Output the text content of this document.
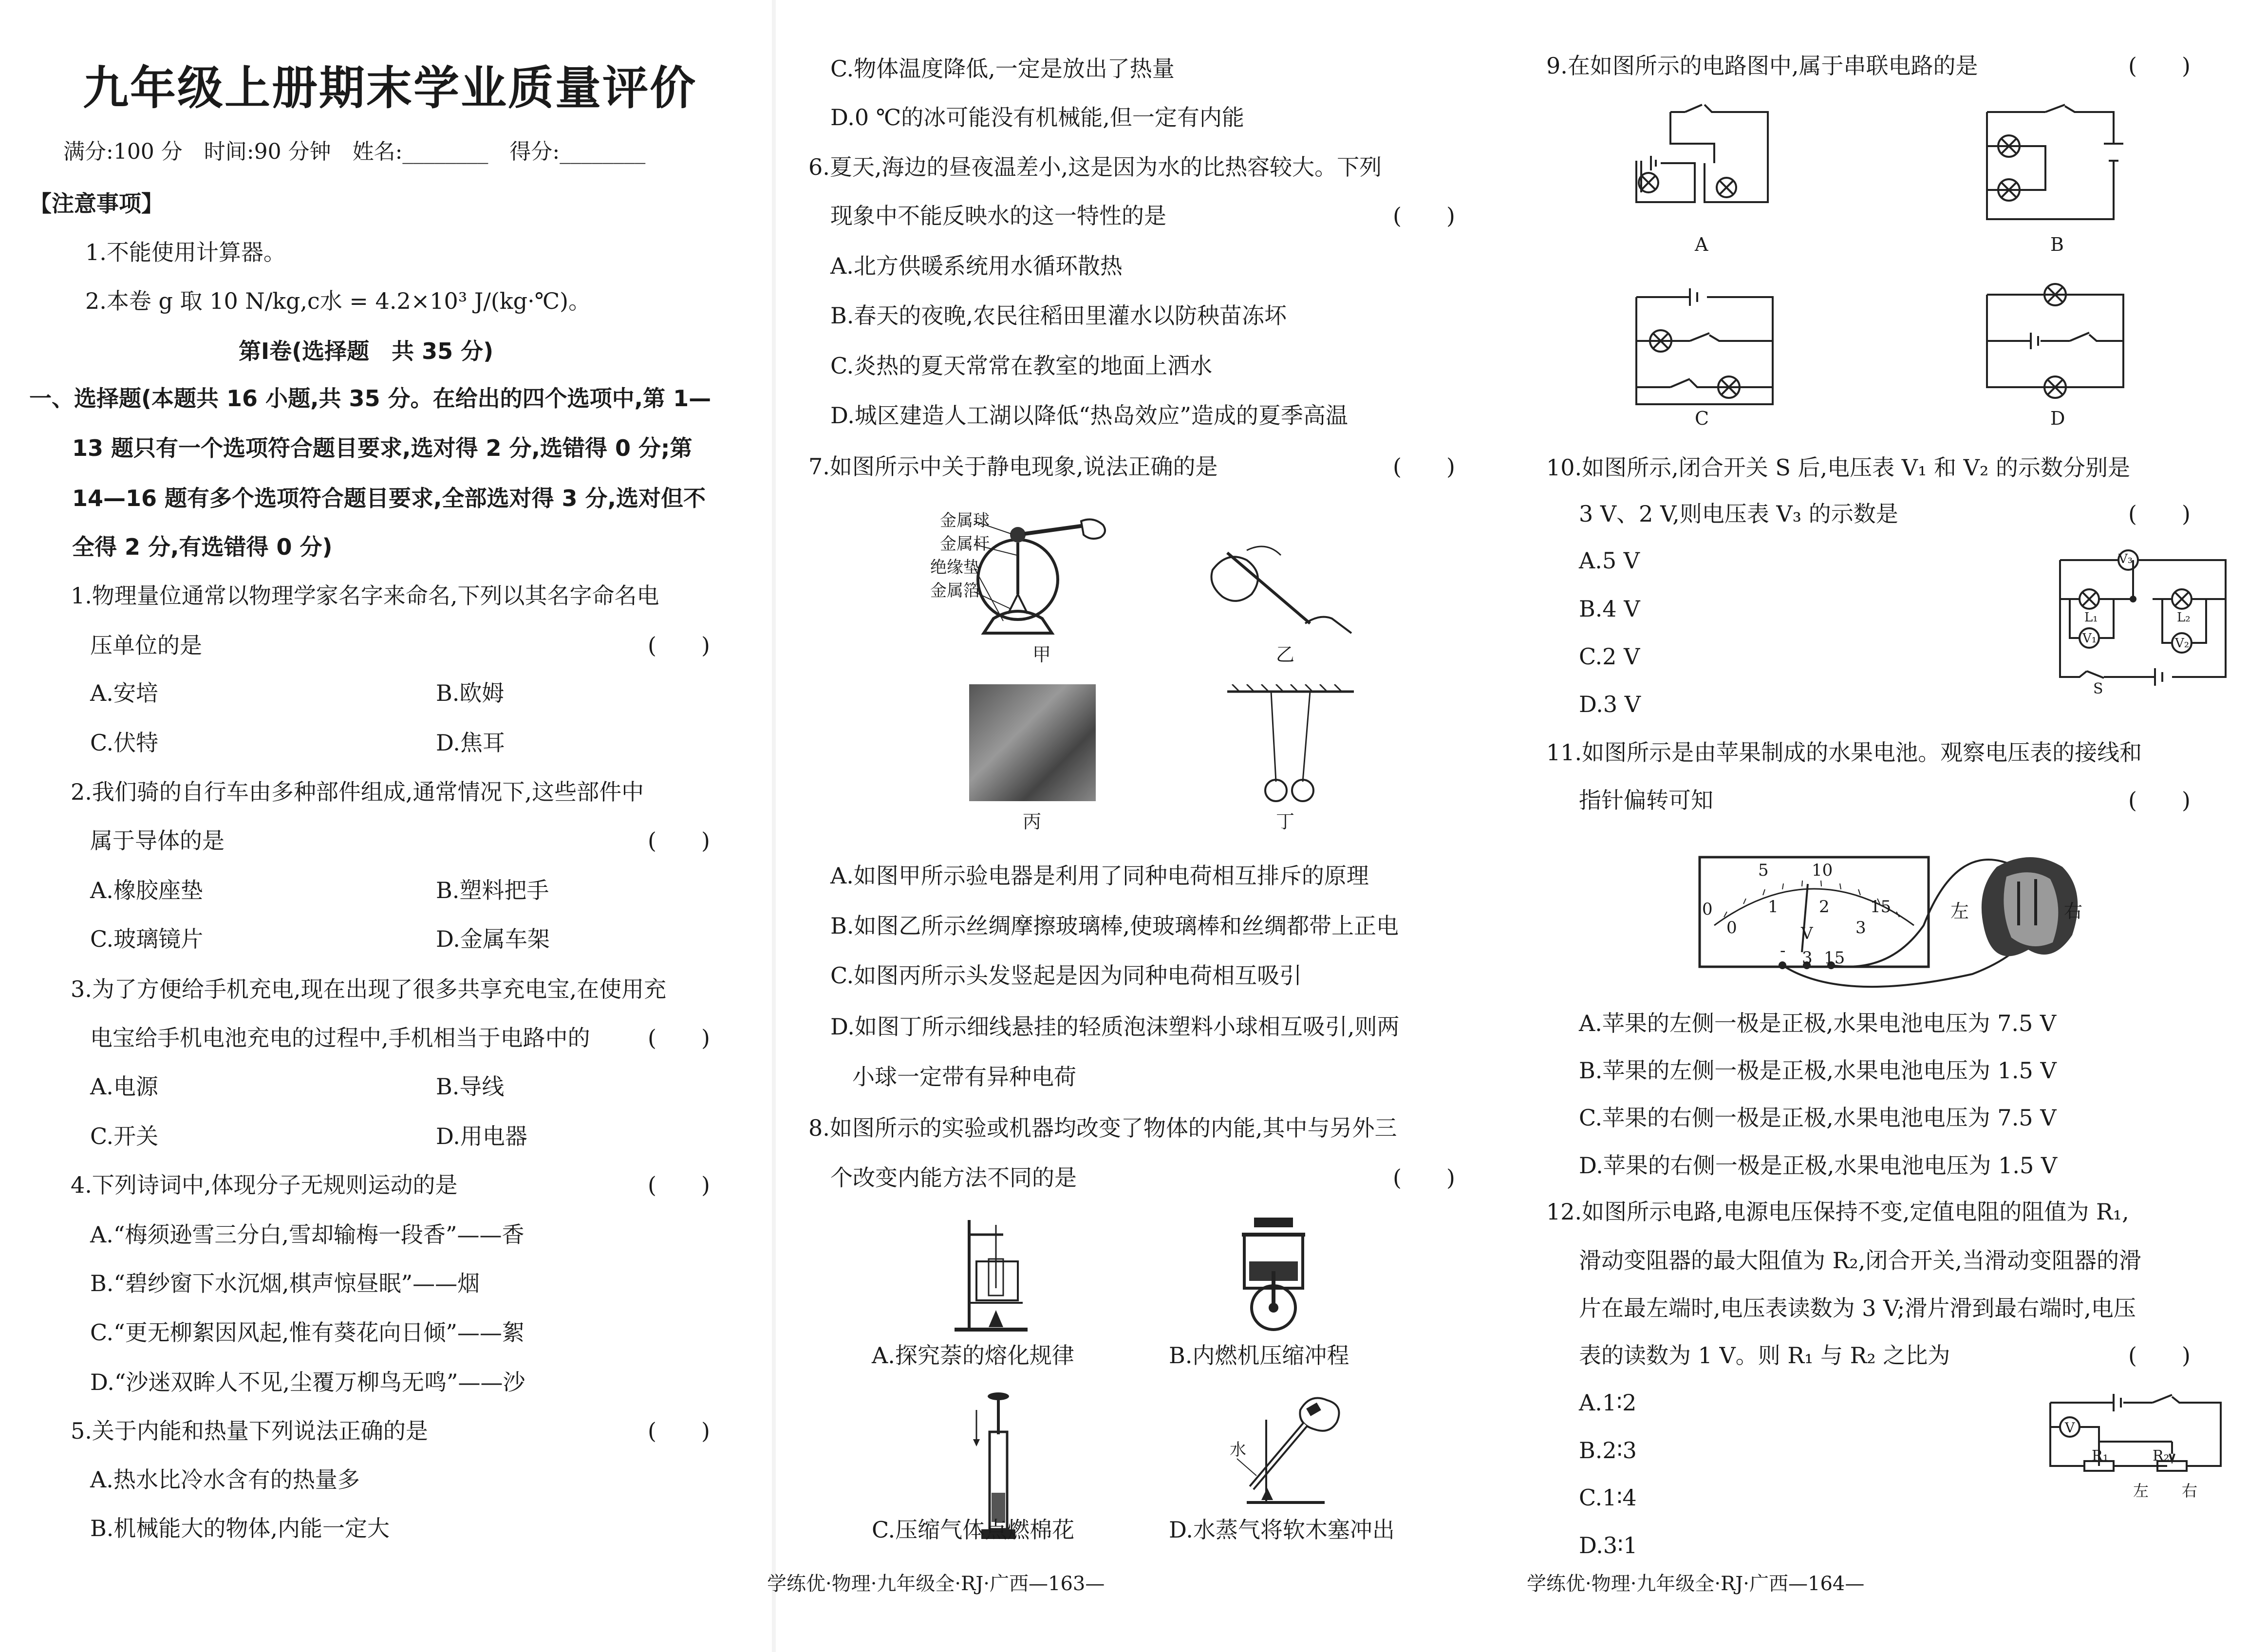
九年级上册期末学业质量评价
满分:100 分　时间:90 分钟　姓名:________　得分:________
【注意事项】
1.不能使用计算器。
2.本卷 g 取 10 N/kg,c水 = 4.2×10³ J/(kg·℃)。
第Ⅰ卷(选择题　共 35 分)
一、选择题(本题共 16 小题,共 35 分。在给出的四个选项中,第 1—
13 题只有一个选项符合题目要求,选对得 2 分,选错得 0 分;第
14—16 题有多个选项符合题目要求,全部选对得 3 分,选对但不
全得 2 分,有选错得 0 分)
1.物理量位通常以物理学家名字来命名,下列以其名字命名电
压单位的是	(　　)
A.安培	B.欧姆
C.伏特	D.焦耳
2.我们骑的自行车由多种部件组成,通常情况下,这些部件中
属于导体的是	(　　)
A.橡胶座垫	B.塑料把手
C.玻璃镜片	D.金属车架
3.为了方便给手机充电,现在出现了很多共享充电宝,在使用充
电宝给手机电池充电的过程中,手机相当于电路中的	(　　)
A.电源	B.导线
C.开关	D.用电器
4.下列诗词中,体现分子无规则运动的是	(　　)
A.“梅须逊雪三分白,雪却输梅一段香”——香
B.“碧纱窗下水沉烟,棋声惊昼眠”——烟
C.“更无柳絮因风起,惟有葵花向日倾”——絮
D.“沙迷双眸人不见,尘覆万柳鸟无鸣”——沙
5.关于内能和热量下列说法正确的是	(　　)
A.热水比冷水含有的热量多
B.机械能大的物体,内能一定大
C.物体温度降低,一定是放出了热量
D.0 ℃的冰可能没有机械能,但一定有内能
6.夏天,海边的昼夜温差小,这是因为水的比热容较大。下列
现象中不能反映水的这一特性的是	(　　)
A.北方供暖系统用水循环散热
B.春天的夜晚,农民往稻田里灌水以防秧苗冻坏
C.炎热的夏天常常在教室的地面上洒水
D.城区建造人工湖以降低“热岛效应”造成的夏季高温
7.如图所示中关于静电现象,说法正确的是	(　　)
金属球
金属杆
绝缘垫
金属箔
甲	乙
丙	丁
A.如图甲所示验电器是利用了同种电荷相互排斥的原理
B.如图乙所示丝绸摩擦玻璃棒,使玻璃棒和丝绸都带上正电
C.如图丙所示头发竖起是因为同种电荷相互吸引
D.如图丁所示细线悬挂的轻质泡沫塑料小球相互吸引,则两
小球一定带有异种电荷
8.如图所示的实验或机器均改变了物体的内能,其中与另外三
个改变内能方法不同的是	(　　)
A.探究萘的熔化规律	B.内燃机压缩冲程
C.压缩气体点燃棉花
水
D.水蒸气将软木塞冲出
学练优·物理·九年级全·RJ·广西—163—
9.在如图所示的电路图中,属于串联电路的是	(　　)
A	B
C	D
10.如图所示,闭合开关 S 后,电压表 V₁ 和 V₂ 的示数分别是
3 V、2 V,则电压表 V₃ 的示数是	(　　)
A.5 V
B.4 V
C.2 V
D.3 V
V₃
L₁
V₁
L₂
V₂
S
11.如图所示是由苹果制成的水果电池。观察电压表的接线和
指针偏转可知	(　　)
0
5	10
15
0
1 2
3
V
- 3 15
左	右
A.苹果的左侧一极是正极,水果电池电压为 7.5 V
B.苹果的左侧一极是正极,水果电池电压为 1.5 V
C.苹果的右侧一极是正极,水果电池电压为 7.5 V
D.苹果的右侧一极是正极,水果电池电压为 1.5 V
12.如图所示电路,电源电压保持不变,定值电阻的阻值为 R₁,
滑动变阻器的最大阻值为 R₂,闭合开关,当滑动变阻器的滑
片在最左端时,电压表读数为 3 V;滑片滑到最右端时,电压
表的读数为 1 V。则 R₁ 与 R₂ 之比为	(　　)
A.1∶2
B.2∶3
C.1∶4
D.3∶1
V
R₁	R₂
左 右
学练优·物理·九年级全·RJ·广西—164—
